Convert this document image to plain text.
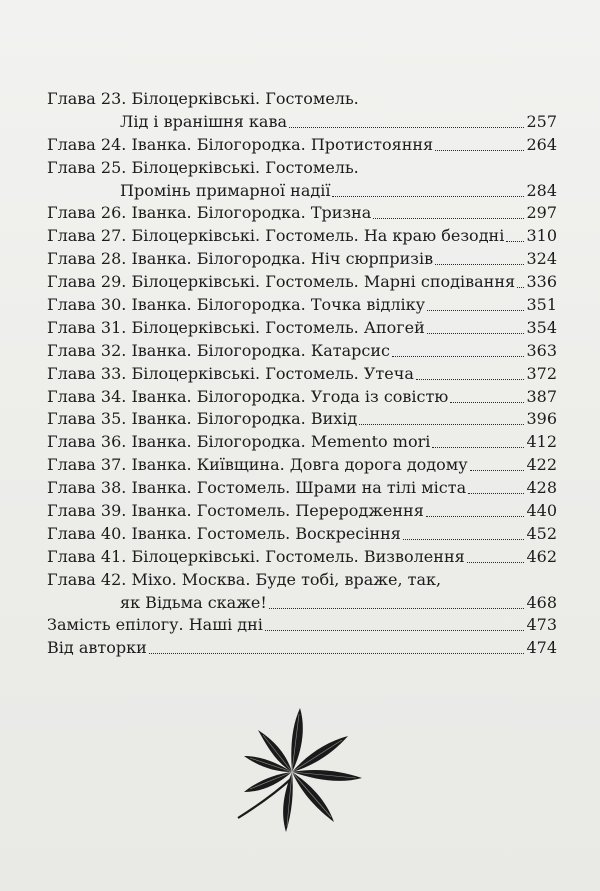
Глава 23. Білоцерківські. Гостомель.
Лід і вранішня кава	257
Глава 24. Іванка. Білогородка. Протистояння	264
Глава 25. Білоцерківські. Гостомель.
Промінь примарної надії	284
Глава 26. Іванка. Білогородка. Тризна	297
Глава 27. Білоцерківські. Гостомель. На краю безодні 310
Глава 28. Іванка. Білогородка. Ніч сюрпризів	324
Глава 29. Білоцерківські. Гостомель. Марні сподівання 336
Глава 30. Іванка. Білогородка. Точка відліку	351
Глава 31. Білоцерківські. Гостомель. Апогей	354
Глава 32. Іванка. Білогородка. Катарсис	363
Глава 33. Білоцерківські. Гостомель. Утеча	372
Глава 34. Іванка. Білогородка. Угода із совістю	387
Глава 35. Іванка. Білогородка. Вихід	396
Глава 36. Іванка. Білогородка. Memento mori	412
Глава 37. Іванка. Київщина. Довга дорога додому	422
Глава 38. Іванка. Гостомель. Шрами на тілі міста	428
Глава 39. Іванка. Гостомель. Переродження	440
Глава 40. Іванка. Гостомель. Воскресіння	452
Глава 41. Білоцерківські. Гостомель. Визволення	462
Глава 42. Міхо. Москва. Буде тобі, враже, так,
як Відьма скаже!	468
Замість епілогу. Наші дні	473
Від авторки	474
